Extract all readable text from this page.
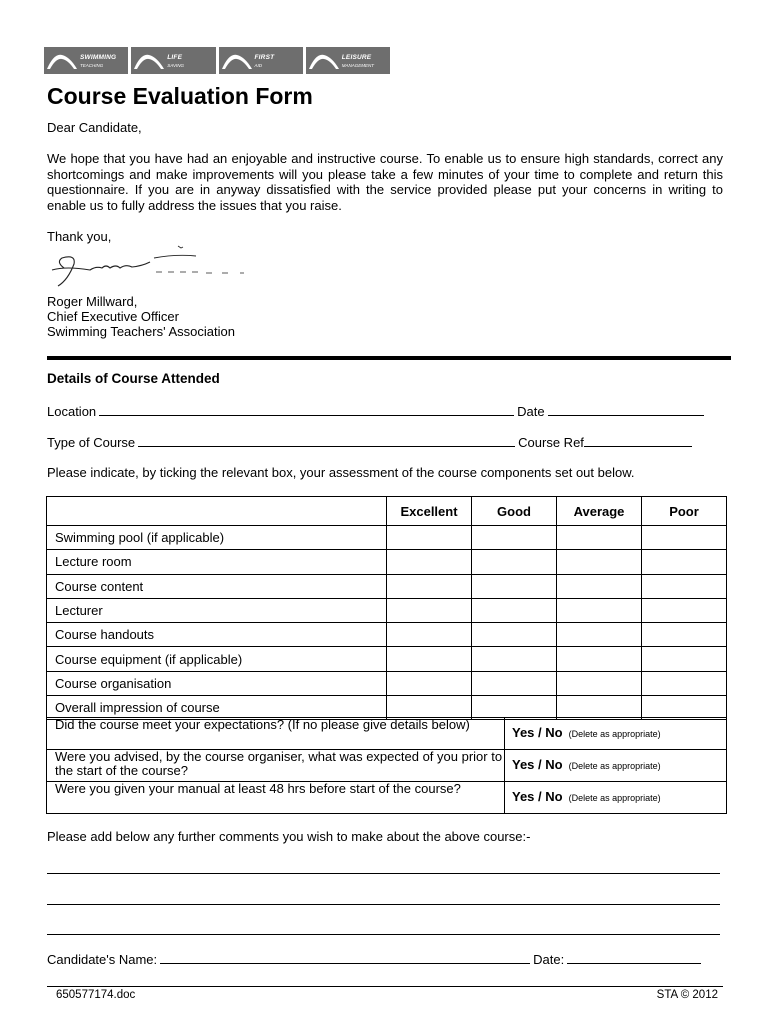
SWIMMING
TEACHING
LIFE
SAVING
FIRST
AID
LEISURE
MANAGEMENT
Course Evaluation Form
Dear Candidate,
We hope that you have had an enjoyable and instructive course. To enable us to ensure high standards, correct any shortcomings and make improvements will you please take a few minutes of your time to complete and return this questionnaire. If you are in anyway dissatisfied with the service provided please put your concerns in writing to enable us to fully address the issues that you raise.
Thank you,
Roger Millward,
Chief Executive Officer
Swimming Teachers' Association
Details of Course Attended
Location	Date
Type of Course	Course Ref
Please indicate, by ticking the relevant box, your assessment of the course components set out below.
	Excellent	Good	Average	Poor
Swimming pool (if applicable)				
Lecture room				
Course content				
Lecturer				
Course handouts				
Course equipment (if applicable)				
Course organisation				
Overall impression of course				
Did the course meet your expectations? (If no please give details below)	Yes / No (Delete as appropriate)
Were you advised, by the course organiser, what was expected of you prior to the start of the course?	Yes / No (Delete as appropriate)
Were you given your manual at least 48 hrs before start of the course?	Yes / No (Delete as appropriate)
Please add below any further comments you wish to make about the above course:-
Candidate's Name:	Date:
650577174.doc	STA © 2012
